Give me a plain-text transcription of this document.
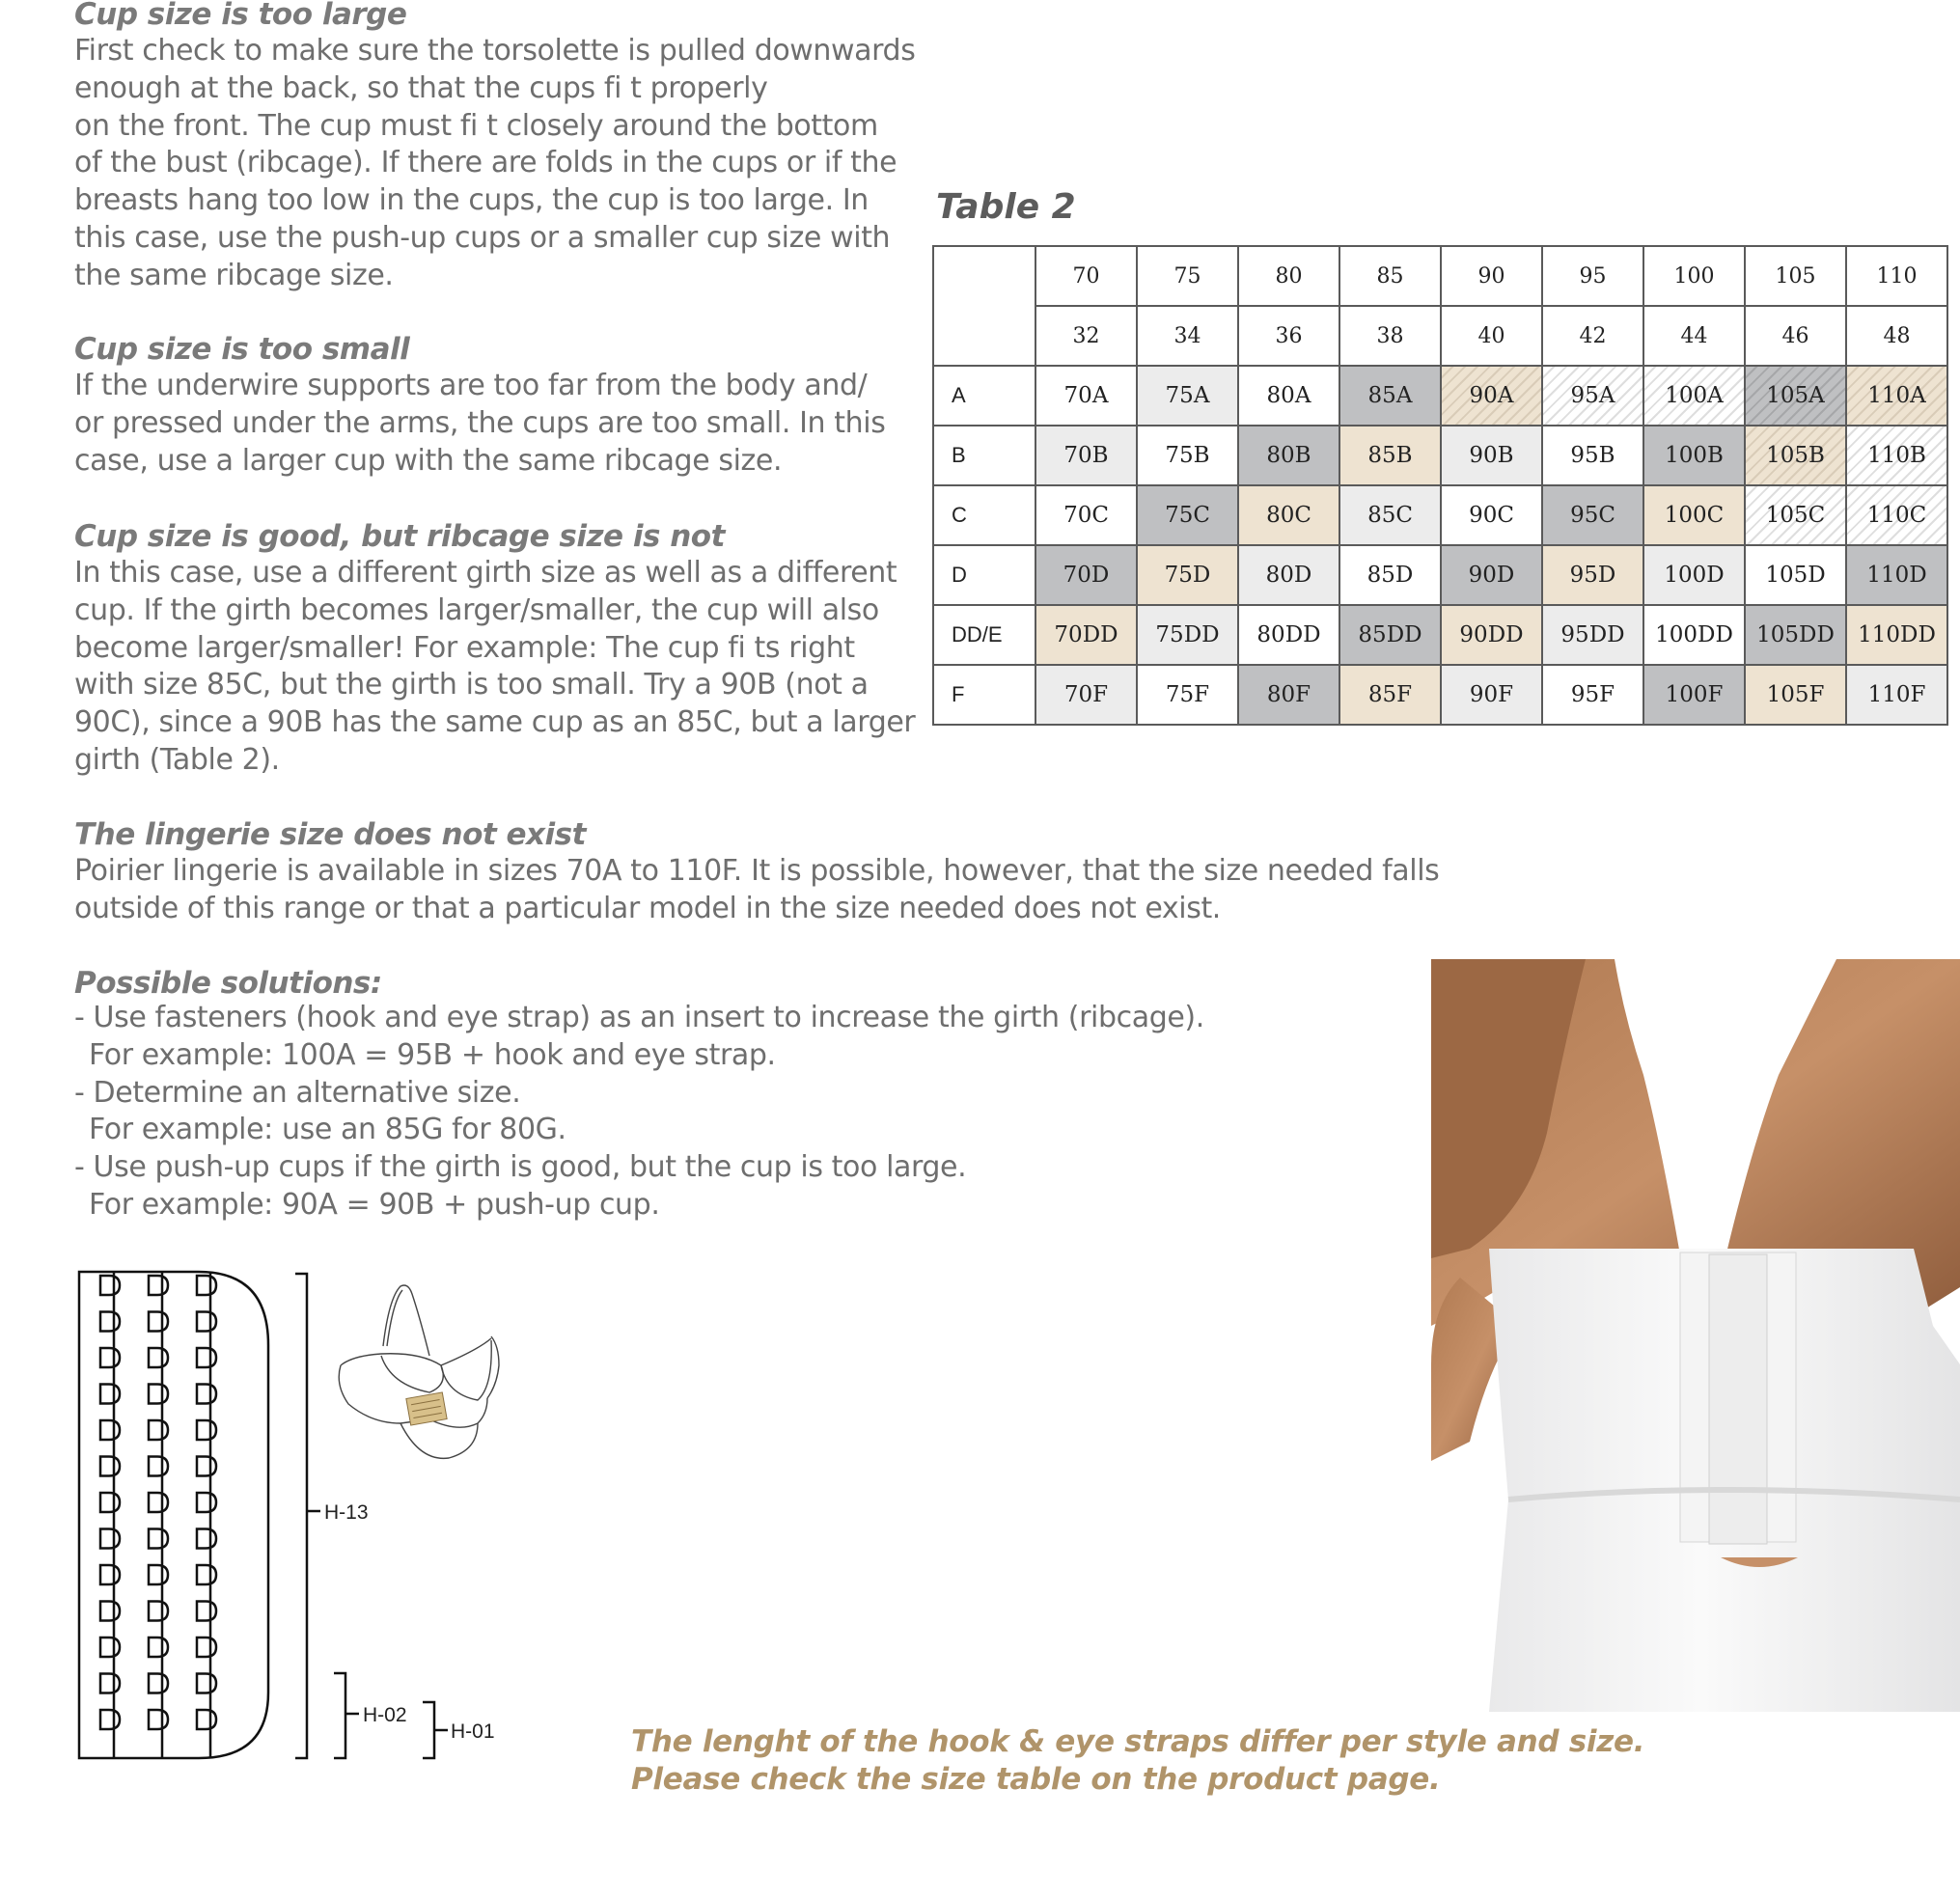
Cup size is too large

First check to make sure the torsolette is pulled downwards
enough at the back, so that the cups fi t properly
on the front. The cup must fi t closely around the bottom
of the bust (ribcage). If there are folds in the cups or if the
breasts hang too low in the cups, the cup is too large. In
this case, use the push-up cups or a smaller cup size with
the same ribcage size.

Cup size is too small

If the underwire supports are too far from the body and/
or pressed under the arms, the cups are too small. In this
case, use a larger cup with the same ribcage size.

Cup size is good, but ribcage size is not

In this case, use a different girth size as well as a different
cup. If the girth becomes larger/smaller, the cup will also
become larger/smaller! For example: The cup fi ts right
with size 85C, but the girth is too small. Try a 90B (not a
90C), since a 90B has the same cup as an 85C, but a larger
girth (Table 2).

The lingerie size does not exist

Poirier lingerie is available in sizes 70A to 110F. It is possible, however, that the size needed falls
outside of this range or that a particular model in the size needed does not exist.

Possible solutions:
- Use fasteners (hook and eye strap) as an insert to increase the girth (ribcage).
For example: 100A = 95B + hook and eye strap.
- Determine an alternative size.
For example: use an 85G for 80G.
- Use push-up cups if the girth is good, but the cup is too large.
For example: 90A = 90B + push-up cup.
Table 2
	70	75	80	85	90	95	100	105	110
	32	34	36	38	40	42	44	46	48
A	70A	75A	80A	85A	90A	95A	100A	105A	110A
B	70B	75B	80B	85B	90B	95B	100B	105B	110B
C	70C	75C	80C	85C	90C	95C	100C	105C	110C
D	70D	75D	80D	85D	90D	95D	100D	105D	110D
DD/E	70DD	75DD	80DD	85DD	90DD	95DD	100DD	105DD	110DD
F	70F	75F	80F	85F	90F	95F	100F	105F	110F
H-13
H-02
H-01	The lenght of the hook & eye straps differ per style and size.
Please check the size table on the product page.
